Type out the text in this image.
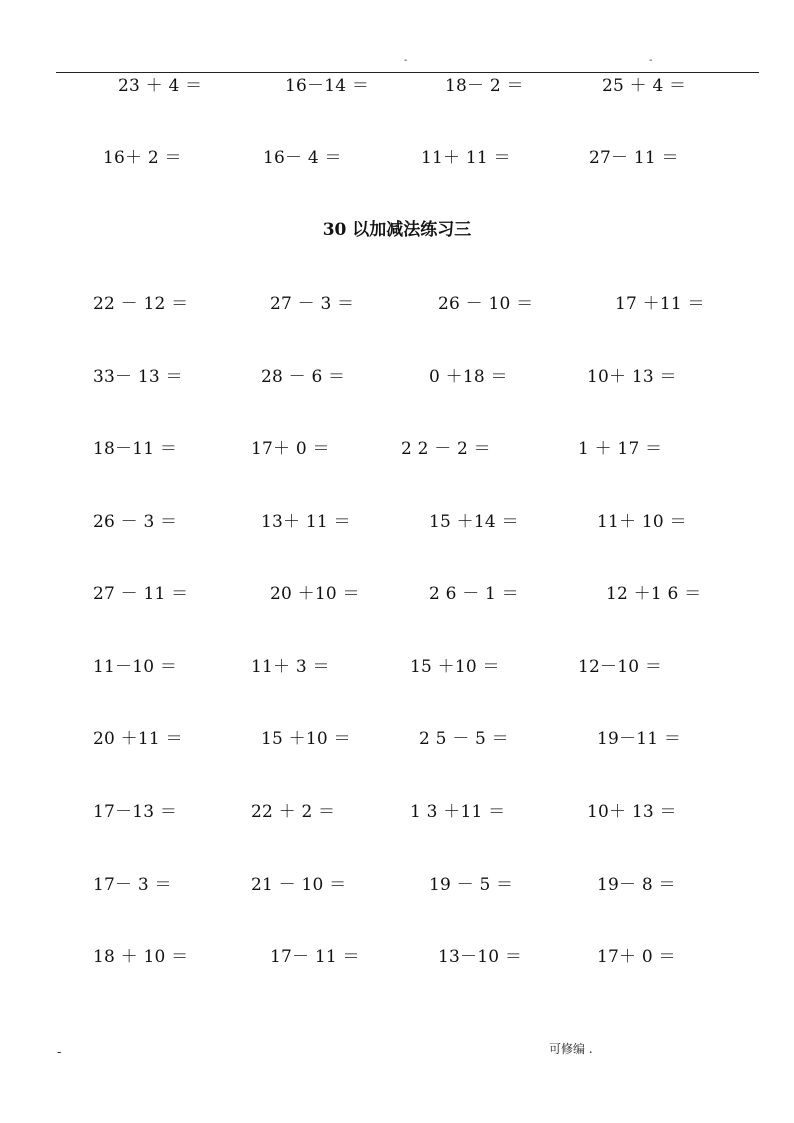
-	-
23 ＋ 4 ＝	16－14 ＝	18－ 2 ＝	25 ＋ 4 ＝
16＋ 2 ＝	16－ 4 ＝	11＋ 11 ＝	27－ 11 ＝
30 以加减法练习三
22 － 12 ＝	27 － 3 ＝	26 － 10 ＝	17 ＋11 ＝
33－ 13 ＝	28 － 6 ＝	0 ＋18 ＝	10＋ 13 ＝
18－11 ＝	17＋ 0 ＝	2 2 － 2 ＝	1 ＋ 17 ＝
26 － 3 ＝	13＋ 11 ＝	15 ＋14 ＝	11＋ 10 ＝
27 － 11 ＝	20 ＋10 ＝	2 6 － 1 ＝	12 ＋1 6 ＝
11－10 ＝	11＋ 3 ＝	15 ＋10 ＝	12－10 ＝
20 ＋11 ＝	15 ＋10 ＝	2 5 － 5 ＝	19－11 ＝
17－13 ＝	22 ＋ 2 ＝	1 3 ＋11 ＝	10＋ 13 ＝
17－ 3 ＝	21 － 10 ＝	19 － 5 ＝	19－ 8 ＝
18 ＋ 10 ＝	17－ 11 ＝	13－10 ＝	17＋ 0 ＝
-	可修编 .
